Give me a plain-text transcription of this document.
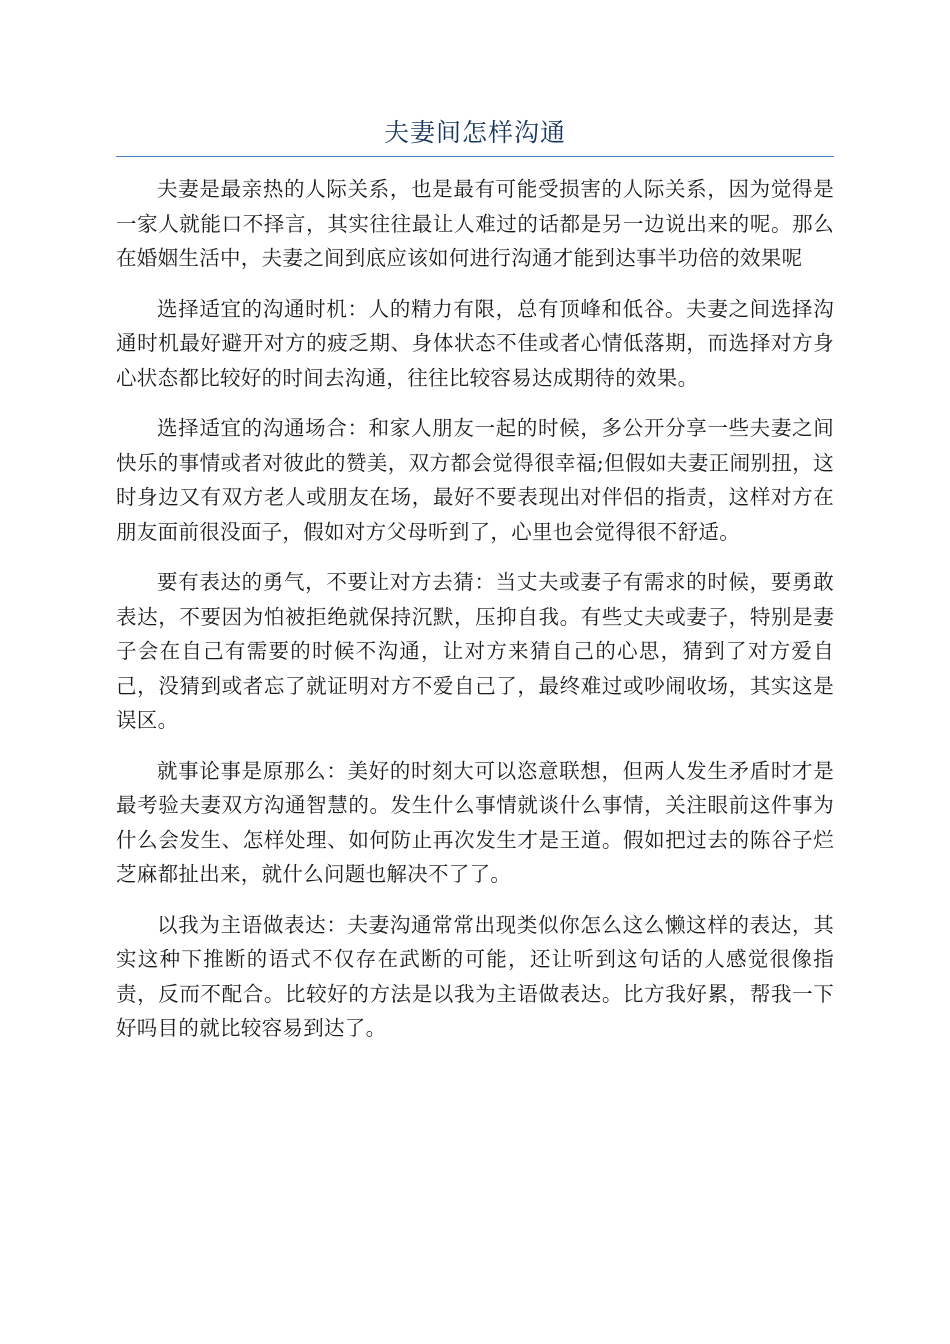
夫妻间怎样沟通

夫妻是最亲热的人际关系，也是最有可能受损害的人际关系，因为觉得是一家人就能口不择言，其实往往最让人难过的话都是另一边说出来的呢。那么在婚姻生活中，夫妻之间到底应该如何进行沟通才能到达事半功倍的效果呢

选择适宜的沟通时机：人的精力有限，总有顶峰和低谷。夫妻之间选择沟通时机最好避开对方的疲乏期、身体状态不佳或者心情低落期，而选择对方身心状态都比较好的时间去沟通，往往比较容易达成期待的效果。

选择适宜的沟通场合：和家人朋友一起的时候，多公开分享一些夫妻之间快乐的事情或者对彼此的赞美，双方都会觉得很幸福;但假如夫妻正闹别扭，这时身边又有双方老人或朋友在场，最好不要表现出对伴侣的指责，这样对方在朋友面前很没面子，假如对方父母听到了，心里也会觉得很不舒适。

要有表达的勇气，不要让对方去猜：当丈夫或妻子有需求的时候，要勇敢表达，不要因为怕被拒绝就保持沉默，压抑自我。有些丈夫或妻子，特别是妻子会在自己有需要的时候不沟通，让对方来猜自己的心思，猜到了对方爱自己，没猜到或者忘了就证明对方不爱自己了，最终难过或吵闹收场，其实这是误区。

就事论事是原那么：美好的时刻大可以恣意联想，但两人发生矛盾时才是最考验夫妻双方沟通智慧的。发生什么事情就谈什么事情，关注眼前这件事为什么会发生、怎样处理、如何防止再次发生才是王道。假如把过去的陈谷子烂芝麻都扯出来，就什么问题也解决不了了。

以我为主语做表达：夫妻沟通常常出现类似你怎么这么懒这样的表达，其实这种下推断的语式不仅存在武断的可能，还让听到这句话的人感觉很像指责，反而不配合。比较好的方法是以我为主语做表达。比方我好累，帮我一下好吗目的就比较容易到达了。
